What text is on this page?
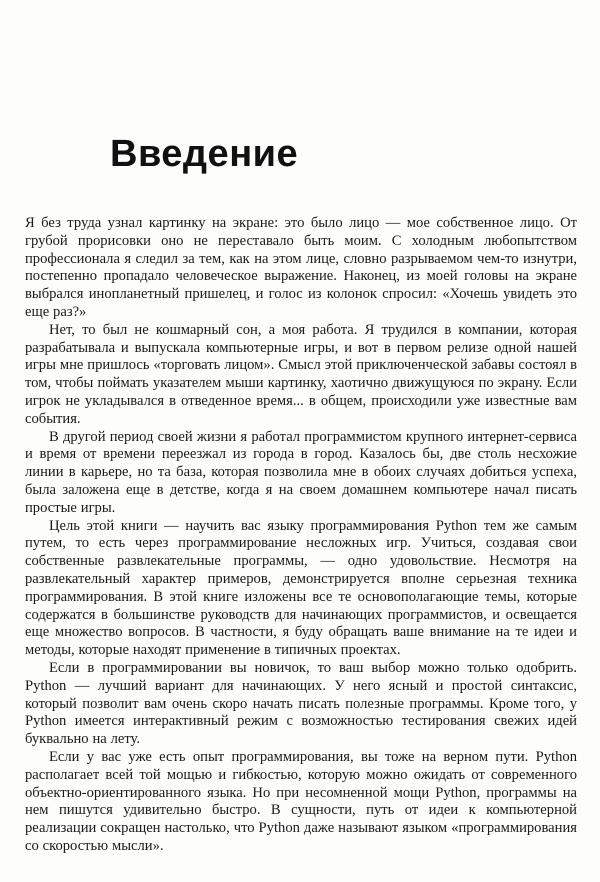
Введение

Я без труда узнал картинку на экране: это было лицо — мое собственное лицо. От грубой прорисовки оно не переставало быть моим. С холодным любопытством профессионала я следил за тем, как на этом лице, словно разрываемом чем-то изнутри, постепенно пропадало человеческое выражение. Наконец, из моей головы на экране выбрался инопланетный пришелец, и голос из колонок спросил: «Хочешь увидеть это еще раз?»

Нет, то был не кошмарный сон, а моя работа. Я трудился в компании, которая разрабатывала и выпускала компьютерные игры, и вот в первом релизе одной нашей игры мне пришлось «торговать лицом». Смысл этой приключенческой забавы состоял в том, чтобы поймать указателем мыши картинку, хаотично движущуюся по экрану. Если игрок не укладывался в отведенное время... в общем, происходили уже известные вам события.

В другой период своей жизни я работал программистом крупного интернет-сервиса и время от времени переезжал из города в город. Казалось бы, две столь несхожие линии в карьере, но та база, которая позволила мне в обоих случаях добиться успеха, была заложена еще в детстве, когда я на своем домашнем компьютере начал писать простые игры.

Цель этой книги — научить вас языку программирования Python тем же самым путем, то есть через программирование несложных игр. Учиться, создавая свои собственные развлекательные программы, — одно удовольствие. Несмотря на развлекательный характер примеров, демонстрируется вполне серьезная техника программирования. В этой книге изложены все те основополагающие темы, которые содержатся в большинстве руководств для начинающих программистов, и освещается еще множество вопросов. В частности, я буду обращать ваше внимание на те идеи и методы, которые находят применение в типичных проектах.

Если в программировании вы новичок, то ваш выбор можно только одобрить. Python — лучший вариант для начинающих. У него ясный и простой синтаксис, который позволит вам очень скоро начать писать полезные программы. Кроме того, у Python имеется интерактивный режим с возможностью тестирования свежих идей буквально на лету.

Если у вас уже есть опыт программирования, вы тоже на верном пути. Python располагает всей той мощью и гибкостью, которую можно ожидать от современного объектно-ориентированного языка. Но при несомненной мощи Python, программы на нем пишутся удивительно быстро. В сущности, путь от идеи к компьютерной реализации сокращен настолько, что Python даже называют языком «программирования со скоростью мысли».
